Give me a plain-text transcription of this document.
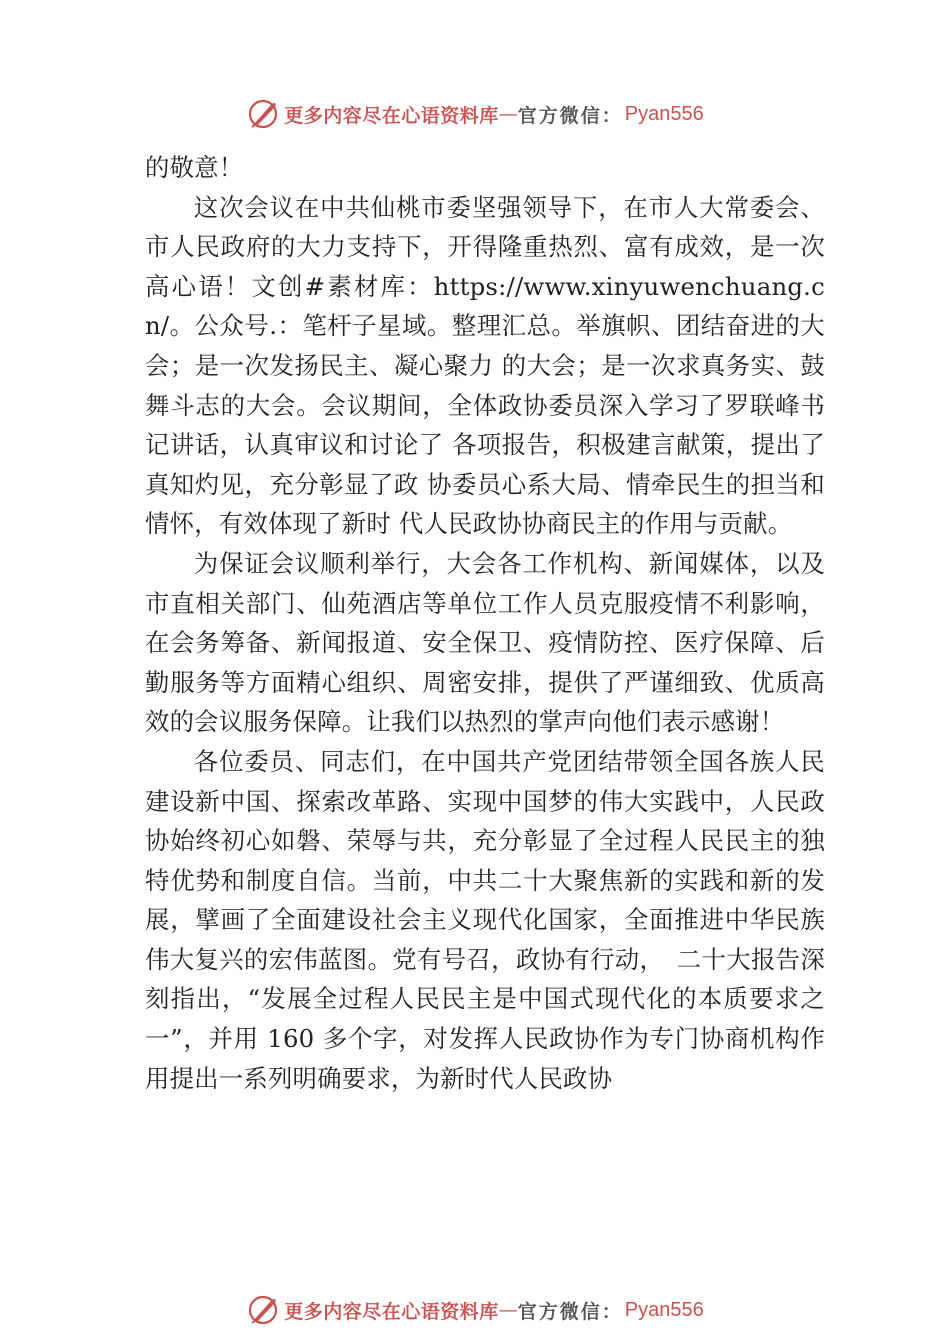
更多内容尽在心语资料库 — 官方微信： Pyan556

的敬意！

这次会议在中共仙桃市委坚强领导下，在市人大常委会、市人民政府的大力支持下，开得隆重热烈、富有成效，是一次高心语！文创#素材库：https://www.xinyuwenchuang.cn/。公众号.：笔杆子星域。整理汇总。举旗帜、团结奋进的大会；是一次发扬民主、凝心聚力 的大会；是一次求真务实、鼓舞斗志的大会。会议期间，全体政协委员深入学习了罗联峰书记讲话，认真审议和讨论了 各项报告，积极建言献策，提出了真知灼见，充分彰显了政 协委员心系大局、情牵民生的担当和情怀，有效体现了新时 代人民政协协商民主的作用与贡献。

为保证会议顺利举行，大会各工作机构、新闻媒体，以及市直相关部门、仙苑酒店等单位工作人员克服疫情不利影响，在会务筹备、新闻报道、安全保卫、疫情防控、医疗保障、后勤服务等方面精心组织、周密安排，提供了严谨细致、优质高效的会议服务保障。让我们以热烈的掌声向他们表示感谢！

各位委员、同志们，在中国共产党团结带领全国各族人民建设新中国、探索改革路、实现中国梦的伟大实践中，人民政协始终初心如磐、荣辱与共，充分彰显了全过程人民民主的独特优势和制度自信。当前，中共二十大聚焦新的实践和新的发展，擘画了全面建设社会主义现代化国家，全面推进中华民族伟大复兴的宏伟蓝图。党有号召，政协有行动，　二十大报告深刻指出，“发展全过程人民民主是中国式现代化的本质要求之一”，并用 160 多个字，对发挥人民政协作为专门协商机构作用提出一系列明确要求，为新时代人民政协

更多内容尽在心语资料库 — 官方微信： Pyan556
